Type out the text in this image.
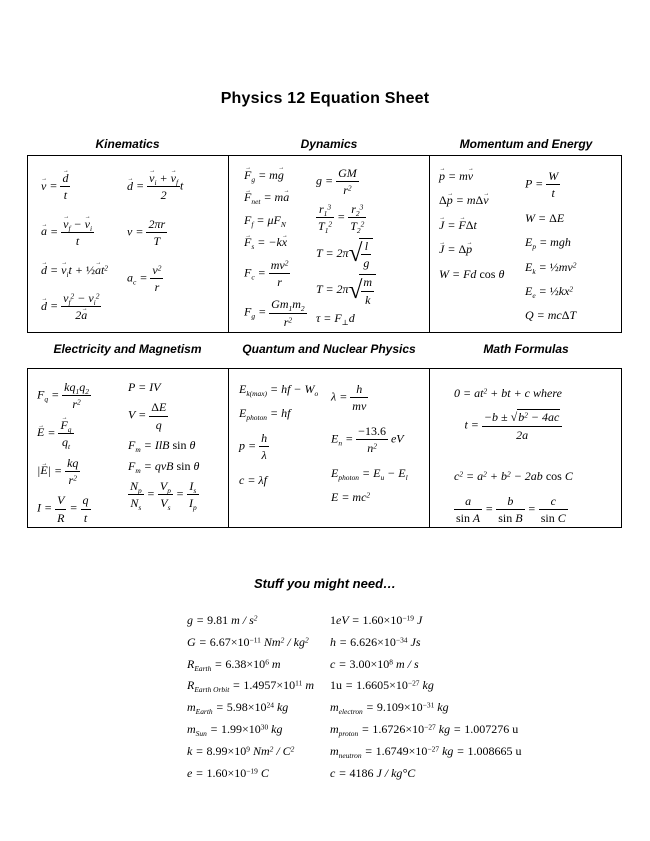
Physics 12 Equation Sheet
Kinematics	Dynamics	Momentum and Energy
v → = $\frac{d \to}{t}$
a → = $\frac{v \to_f - v \to_i}{t}$
d → = $v \to_it$ + ½a $\to t^2$
d → = $\frac{v_f^2 - v_i^2}{2a}$ →
d → = $\frac{v \to_i + v \to_f}{2}$ t
$v = \frac{2\pi r}{T}$
$a_c = \frac{v^2}{r}$
$F \to_g$ = mg →
$F \to_{net}$ = ma →
$F_f = \mu F_N$
$F \to_s = -kx$ →
$F_c = \frac{mv^2}{r}$
$F_g = \frac{Gm_1m_2}{r^2}$
$g = \frac{GM}{r^2}$
$\frac{r_1^3}{T_1^2} = \frac{r_2^3}{T_2^2}$
T = 2π √ $\frac{l}{g}$
T = 2π √ $\frac{m}{k}$
$\tau = F_\perp d$
p → = mv →
Δp → = mΔv →
J → = F →Δt
J → = Δp →
W = Fd cos θ
$P = \frac{W}{t}$
W = ΔE
$E_p$ = mgh
$E_k$ = $\frac{1}{2}mv^2$
$E_e$ = $\frac{1}{2}kx^2$
Q = mcΔT
Electricity and Magnetism	Quantum and Nuclear Physics	Math Formulas
$F_q = \frac{kq_1q_2}{r^2}$
E → = $\frac{F \to_q}{q_t}$
|E →| = $\frac{kq}{r^2}$
$I = \frac{V}{R} = \frac{q}{t}$
P = IV
$V = \frac{\Delta E}{q}$
$F_m$ = IlB sin θ
$F_m$ = qvB sin θ
$\frac{N_p}{N_s} = \frac{V_p}{V_s} = \frac{I_s}{I_p}$
$E_{k(max)}$ = hf − $W_o$
$E_{photon}$ = hf
$p = \frac{h}{\lambda}$
c = λf
$\lambda = \frac{h}{mv}$
$E_n = \frac{-13.6}{n^2}$ eV
$E_{photon} = E_u - E_l$
$E = mc^2$
$0 = at^2$ + bt + c where
$t = \frac{-b \pm √ b^2 - 4ac}{2a}$
$c^2 = a^2 + b^2 - 2ab$ cos C
$\frac{a}{\text{sin A}} = \frac{b}{\text{sin B}} = \frac{c}{\text{sin C}}$
Stuff you might need…
g = 9.81 m / $s^2$
$G = 6.67\times 10^{-11}$ $Nm^2 / kg^2$
$R_{Earth} = 6.38\times 10^6$ m
$R_{Earth Orbit} = 1.4957\times 10^{11}$ m
$m_{Earth} = 5.98\times 10^{24}$ kg
$m_{Sun} = 1.99\times 10^{30}$ kg
$k = 8.99\times 10^9$ $Nm^2 / C^2$
$e = 1.60\times 10^{-19}$ C
$1eV = 1.60\times 10^{-19}$ J
$h = 6.626\times 10^{-34}$ Js
$c = 3.00\times 10^8$ m / s
$1u = 1.6605\times 10^{-27}$ kg
$m_{electron} = 9.109\times 10^{-31}$ kg
$m_{proton} = 1.6726\times 10^{-27}$ kg = 1.007276 u
$m_{neutron} = 1.6749\times 10^{-27}$ kg = 1.008665 u
c = 4186 J / kg°C
